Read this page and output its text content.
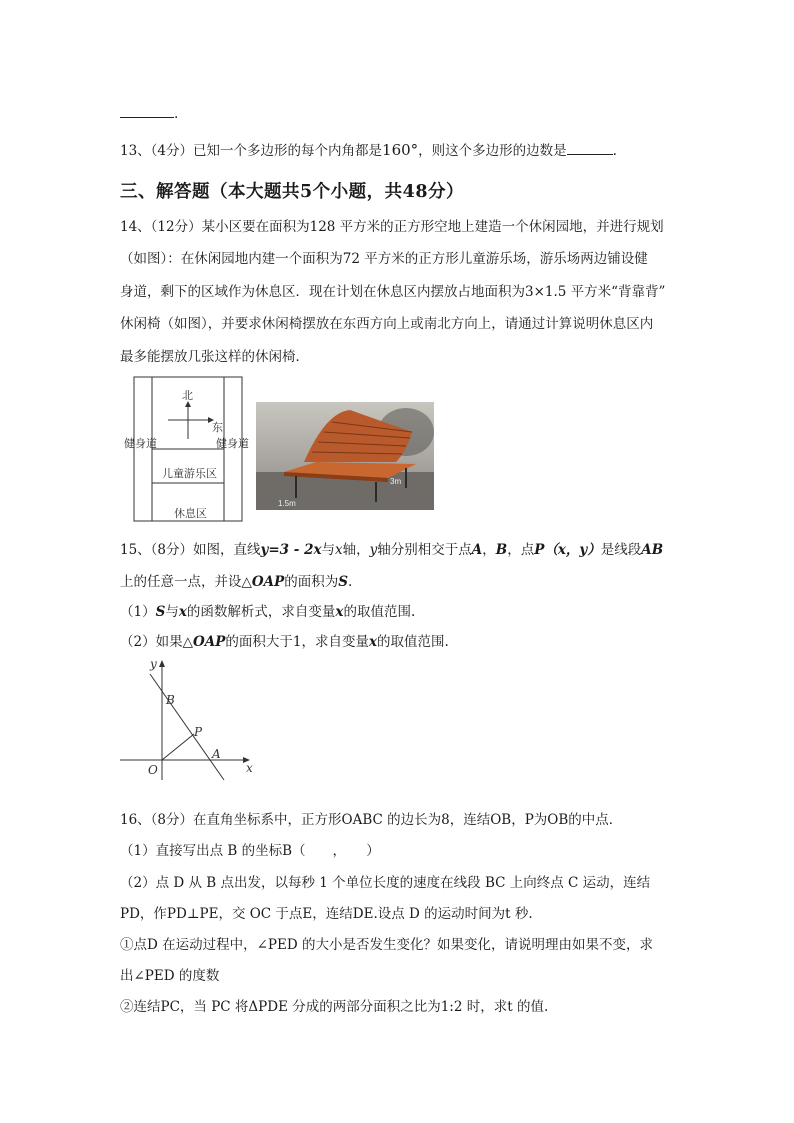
.
13、（4分）已知一个多边形的每个内角都是160°，则这个多边形的边数是	.
三、解答题（本大题共5个小题，共48分）
14、（12分）某小区要在面积为128 平方米的正方形空地上建造一个休闲园地，并进行规划
（如图）：在休闲园地内建一个面积为72 平方米的正方形儿童游乐场，游乐场两边铺设健
身道，剩下的区域作为休息区．现在计划在休息区内摆放占地面积为3×1.5 平方米“背靠背”
休闲椅（如图），并要求休闲椅摆放在东西方向上或南北方向上，请通过计算说明休息区内
最多能摆放几张这样的休闲椅．
北
东
健身道	健身道
儿童游乐区
休息区
3m
1.5m
15、（8分）如图，直线y=3 - 2x与x轴，y轴分别相交于点A，B，点P（x，y）是线段AB
上的任意一点，并设△OAP的面积为S.
（1）S与x的函数解析式，求自变量x的取值范围.
（2）如果△OAP的面积大于1，求自变量x的取值范围.
y
x
O
B
P
A
16、（8分）在直角坐标系中，正方形OABC 的边长为8，连结OB，P为OB的中点．
（1）直接写出点 B 的坐标B（　　，　　）
（2）点 D 从 B 点出发，以每秒 1 个单位长度的速度在线段 BC 上向终点 C 运动，连结
PD，作PD⊥PE，交 OC 于点E，连结DE.设点 D 的运动时间为t 秒.
①点D 在运动过程中，∠PED 的大小是否发生变化？如果变化，请说明理由如果不变，求
出∠PED 的度数
②连结PC，当 PC 将ΔPDE 分成的两部分面积之比为1:2 时，求t 的值.
